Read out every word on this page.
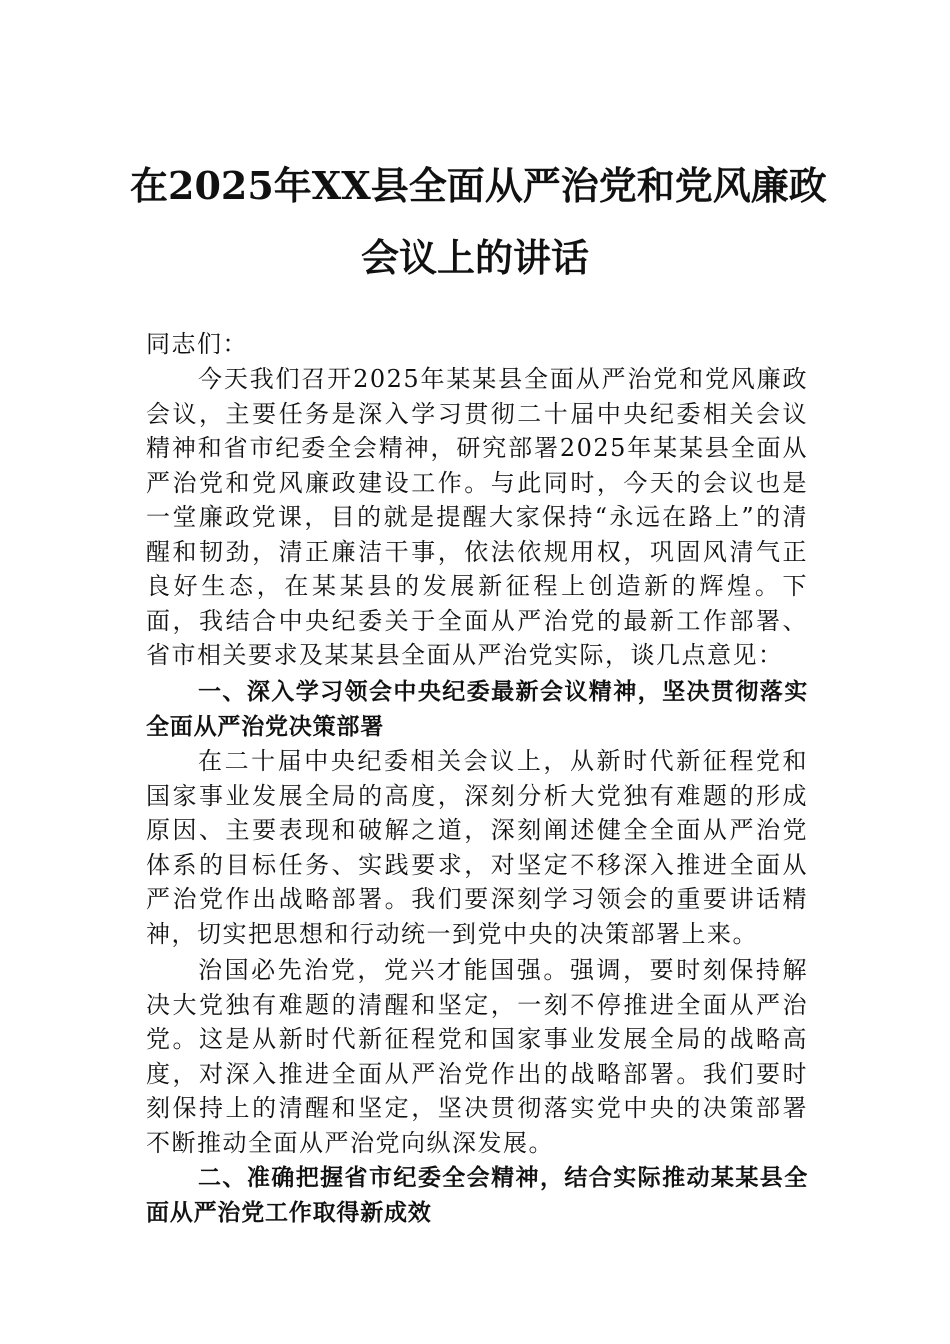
在2025年XX县全面从严治党和党风廉政
会议上的讲话

同志们：

今天我们召开2025年某某县全面从严治党和党风廉政会议，主要任务是深入学习贯彻二十届中央纪委相关会议精神和省市纪委全会精神，研究部署2025年某某县全面从严治党和党风廉政建设工作。与此同时，今天的会议也是一堂廉政党课，目的就是提醒大家保持“永远在路上”的清醒和韧劲，清正廉洁干事，依法依规用权，巩固风清气正良好生态，在某某县的发展新征程上创造新的辉煌。下面，我结合中央纪委关于全面从严治党的最新工作部署、省市相关要求及某某县全面从严治党实际，谈几点意见：

一、深入学习领会中央纪委最新会议精神，坚决贯彻落实全面从严治党决策部署

在二十届中央纪委相关会议上，从新时代新征程党和国家事业发展全局的高度，深刻分析大党独有难题的形成原因、主要表现和破解之道，深刻阐述健全全面从严治党体系的目标任务、实践要求，对坚定不移深入推进全面从严治党作出战略部署。我们要深刻学习领会的重要讲话精神，切实把思想和行动统一到党中央的决策部署上来。

治国必先治党，党兴才能国强。强调，要时刻保持解决大党独有难题的清醒和坚定，一刻不停推进全面从严治党。这是从新时代新征程党和国家事业发展全局的战略高度，对深入推进全面从严治党作出的战略部署。我们要时刻保持上的清醒和坚定，坚决贯彻落实党中央的决策部署不断推动全面从严治党向纵深发展。

二、准确把握省市纪委全会精神，结合实际推动某某县全面从严治党工作取得新成效
